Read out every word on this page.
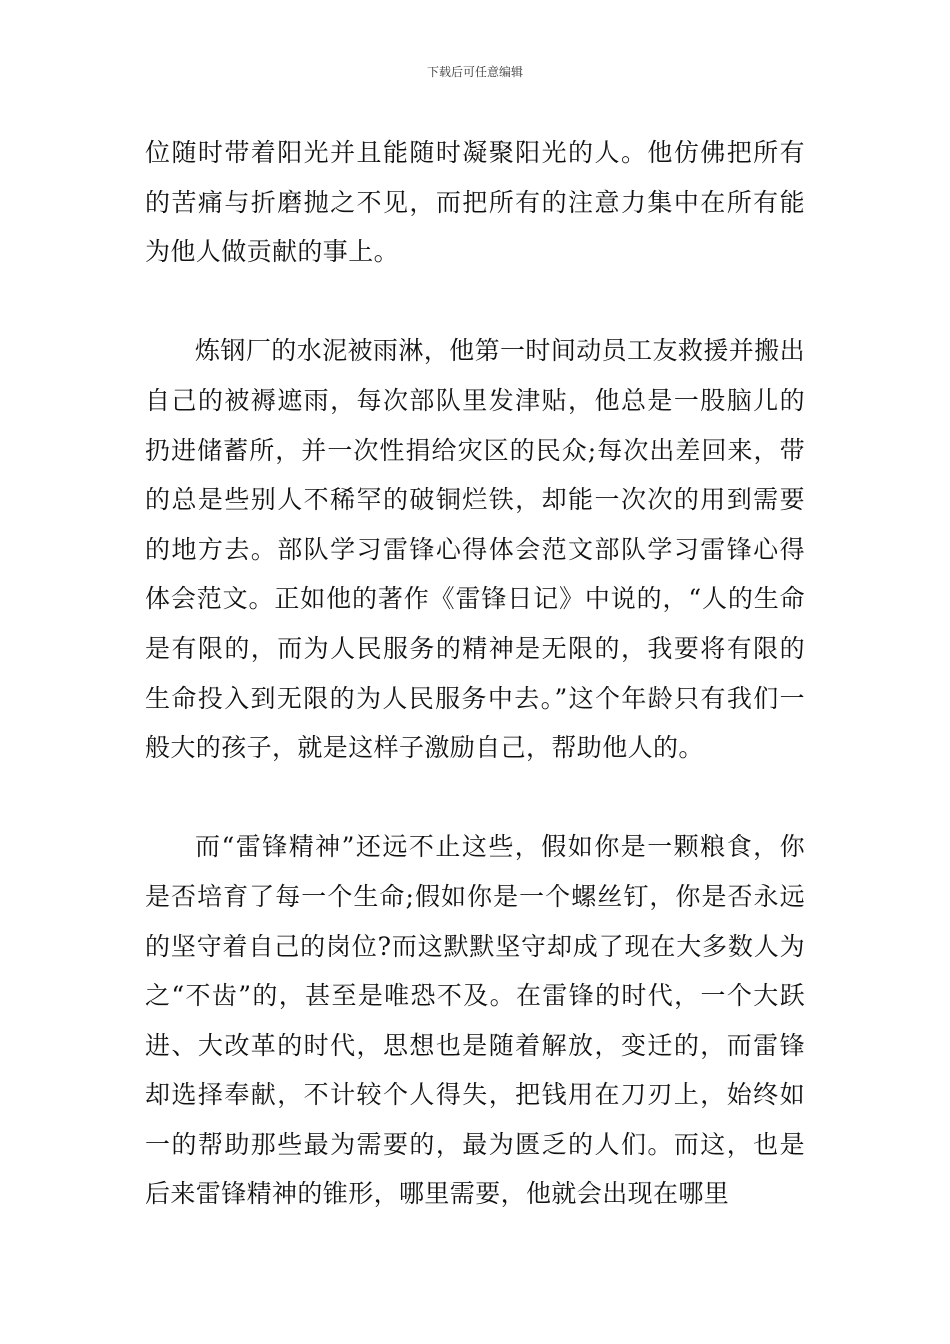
下载后可任意编辑

位随时带着阳光并且能随时凝聚阳光的人。他仿佛把所有的苦痛与折磨抛之不见，而把所有的注意力集中在所有能为他人做贡献的事上。

炼钢厂的水泥被雨淋，他第一时间动员工友救援并搬出自己的被褥遮雨，每次部队里发津贴，他总是一股脑儿的扔进储蓄所，并一次性捐给灾区的民众;每次出差回来，带的总是些别人不稀罕的破铜烂铁，却能一次次的用到需要的地方去。部队学习雷锋心得体会范文部队学习雷锋心得体会范文。正如他的著作《雷锋日记》中说的，“人的生命是有限的，而为人民服务的精神是无限的，我要将有限的生命投入到无限的为人民服务中去。”这个年龄只有我们一般大的孩子，就是这样子激励自己，帮助他人的。

而“雷锋精神”还远不止这些，假如你是一颗粮食，你是否培育了每一个生命;假如你是一个螺丝钉，你是否永远的坚守着自己的岗位?而这默默坚守却成了现在大多数人为之“不齿”的，甚至是唯恐不及。在雷锋的时代，一个大跃进、大改革的时代，思想也是随着解放，变迁的，而雷锋却选择奉献，不计较个人得失，把钱用在刀刃上，始终如一的帮助那些最为需要的，最为匮乏的人们。而这，也是后来雷锋精神的锥形，哪里需要，他就会出现在哪里
